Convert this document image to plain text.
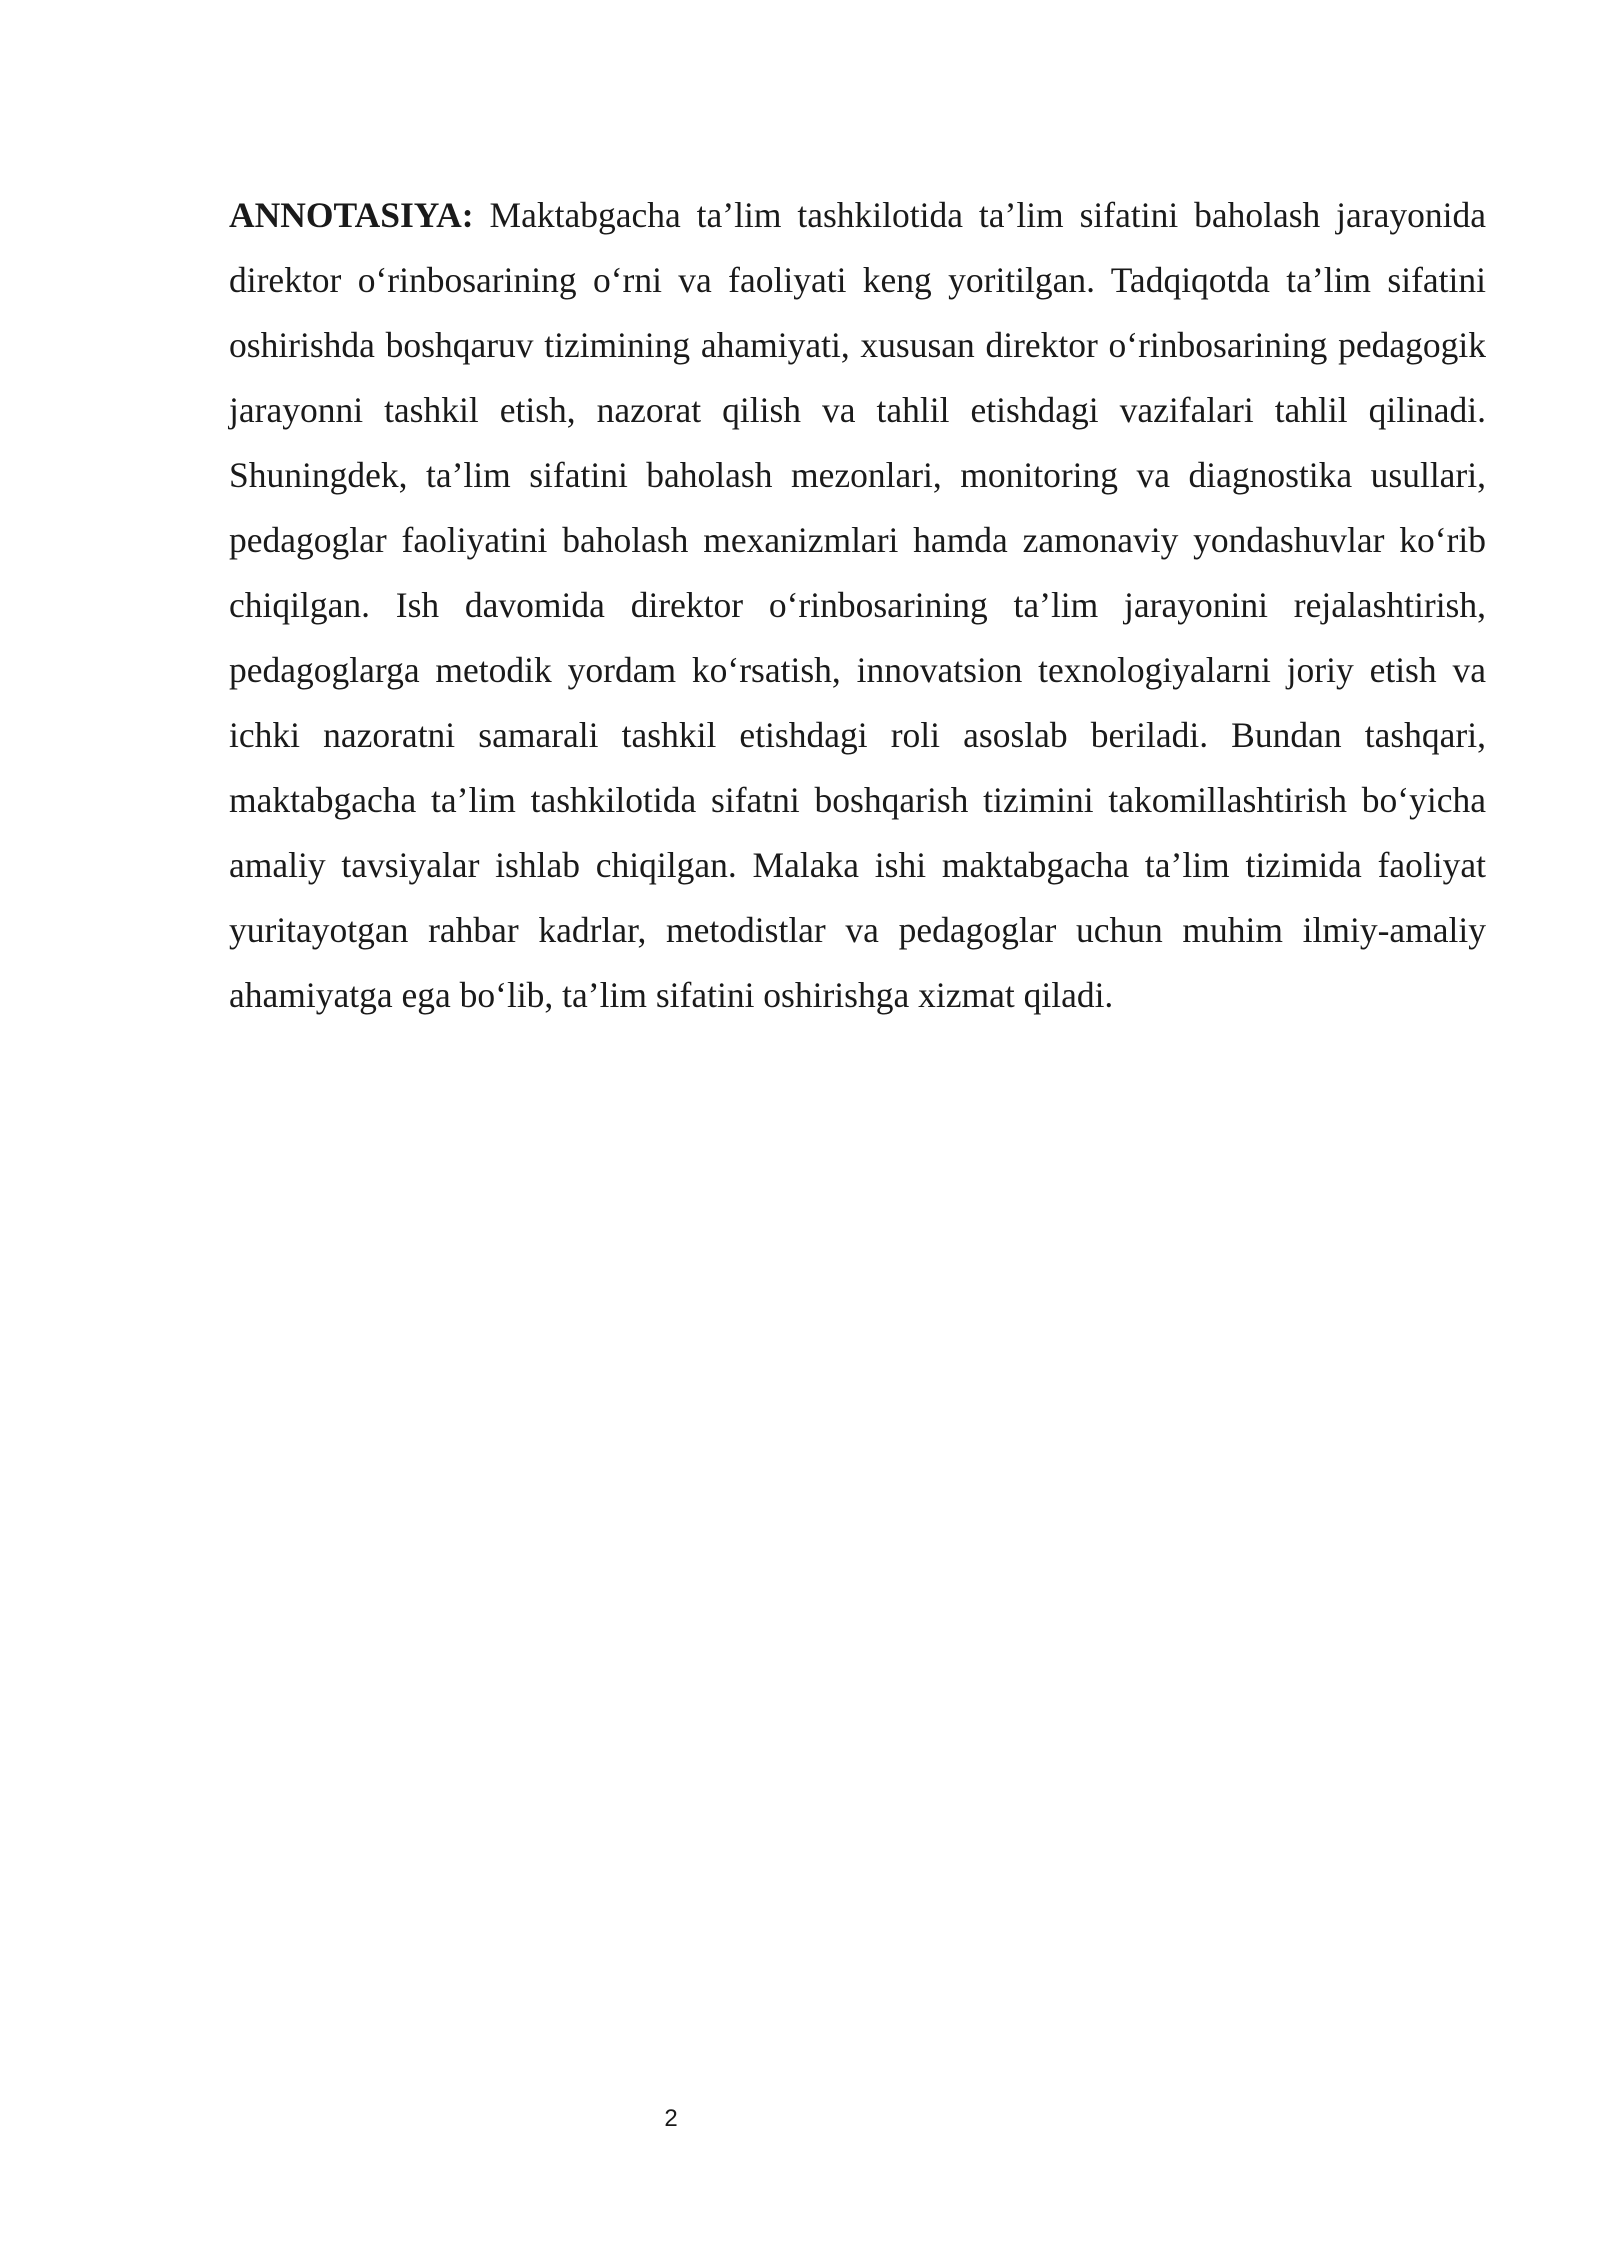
ANNOTASIYA: Maktabgacha ta’lim tashkilotida ta’lim sifatini baholash jarayonida direktor o‘rinbosarining o‘rni va faoliyati keng yoritilgan. Tadqiqotda ta’lim sifatini oshirishda boshqaruv tizimining ahamiyati, xususan direktor o‘rinbosarining pedagogik jarayonni tashkil etish, nazorat qilish va tahlil etishdagi vazifalari tahlil qilinadi. Shuningdek, ta’lim sifatini baholash mezonlari, monitoring va diagnostika usullari, pedagoglar faoliyatini baholash mexanizmlari hamda zamonaviy yondashuvlar ko‘rib chiqilgan. Ish davomida direktor o‘rinbosarining ta’lim jarayonini rejalashtirish, pedagoglarga metodik yordam ko‘rsatish, innovatsion texnologiyalarni joriy etish va ichki nazoratni samarali tashkil etishdagi roli asoslab beriladi. Bundan tashqari, maktabgacha ta’lim tashkilotida sifatni boshqarish tizimini takomillashtirish bo‘yicha amaliy tavsiyalar ishlab chiqilgan. Malaka ishi maktabgacha ta’lim tizimida faoliyat yuritayotgan rahbar kadrlar, metodistlar va pedagoglar uchun muhim ilmiy-amaliy ahamiyatga ega bo‘lib, ta’lim sifatini oshirishga xizmat qiladi.

2
